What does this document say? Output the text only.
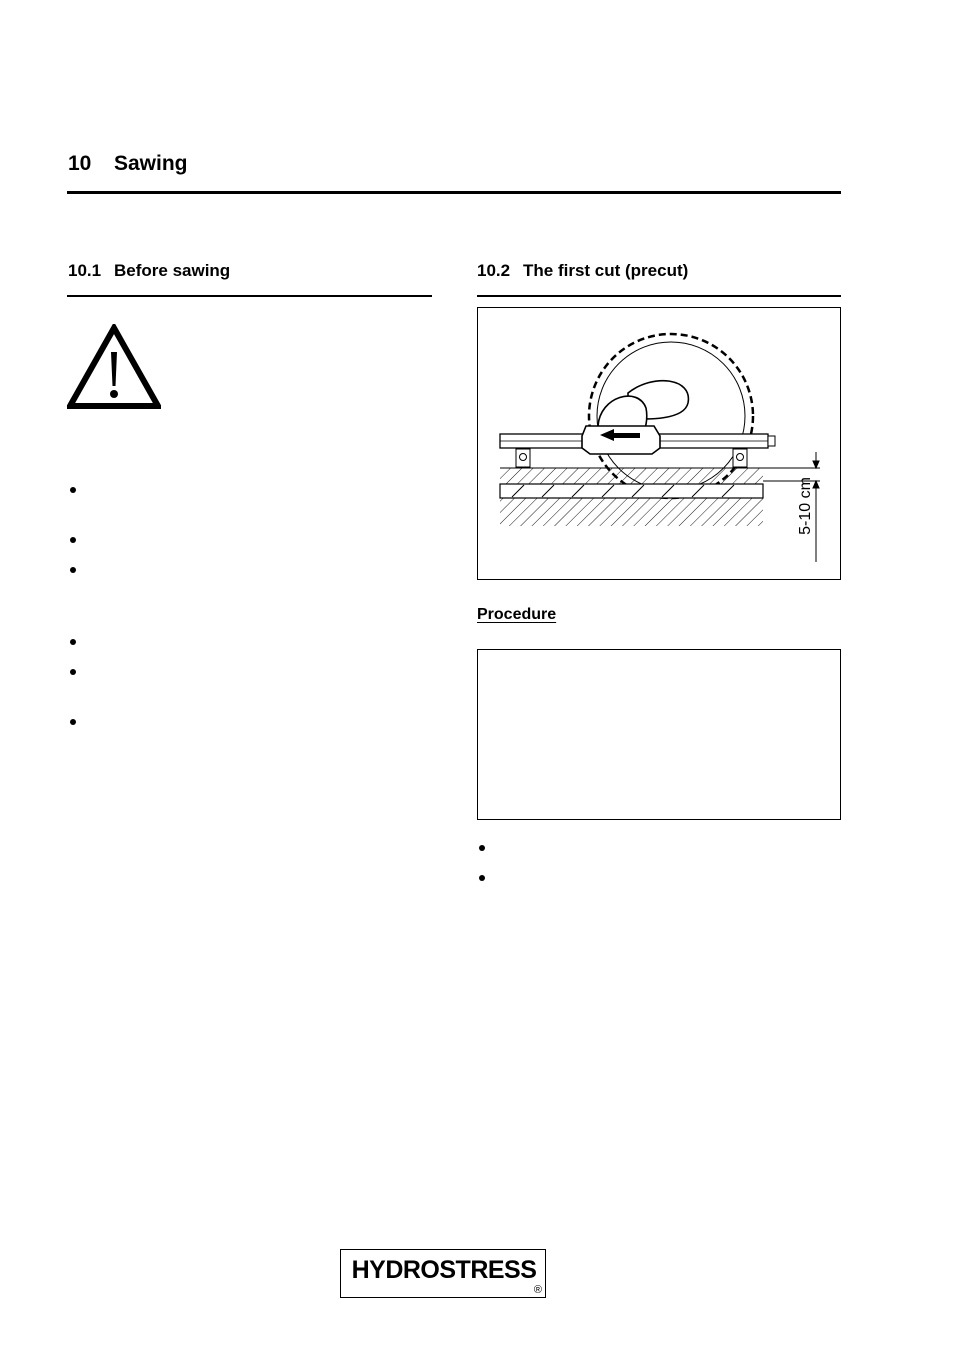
10 Sawing
10.1 Before sawing	10.2 The first cut (precut)
5-10 cm
Procedure
HYDROSTRESS
®
